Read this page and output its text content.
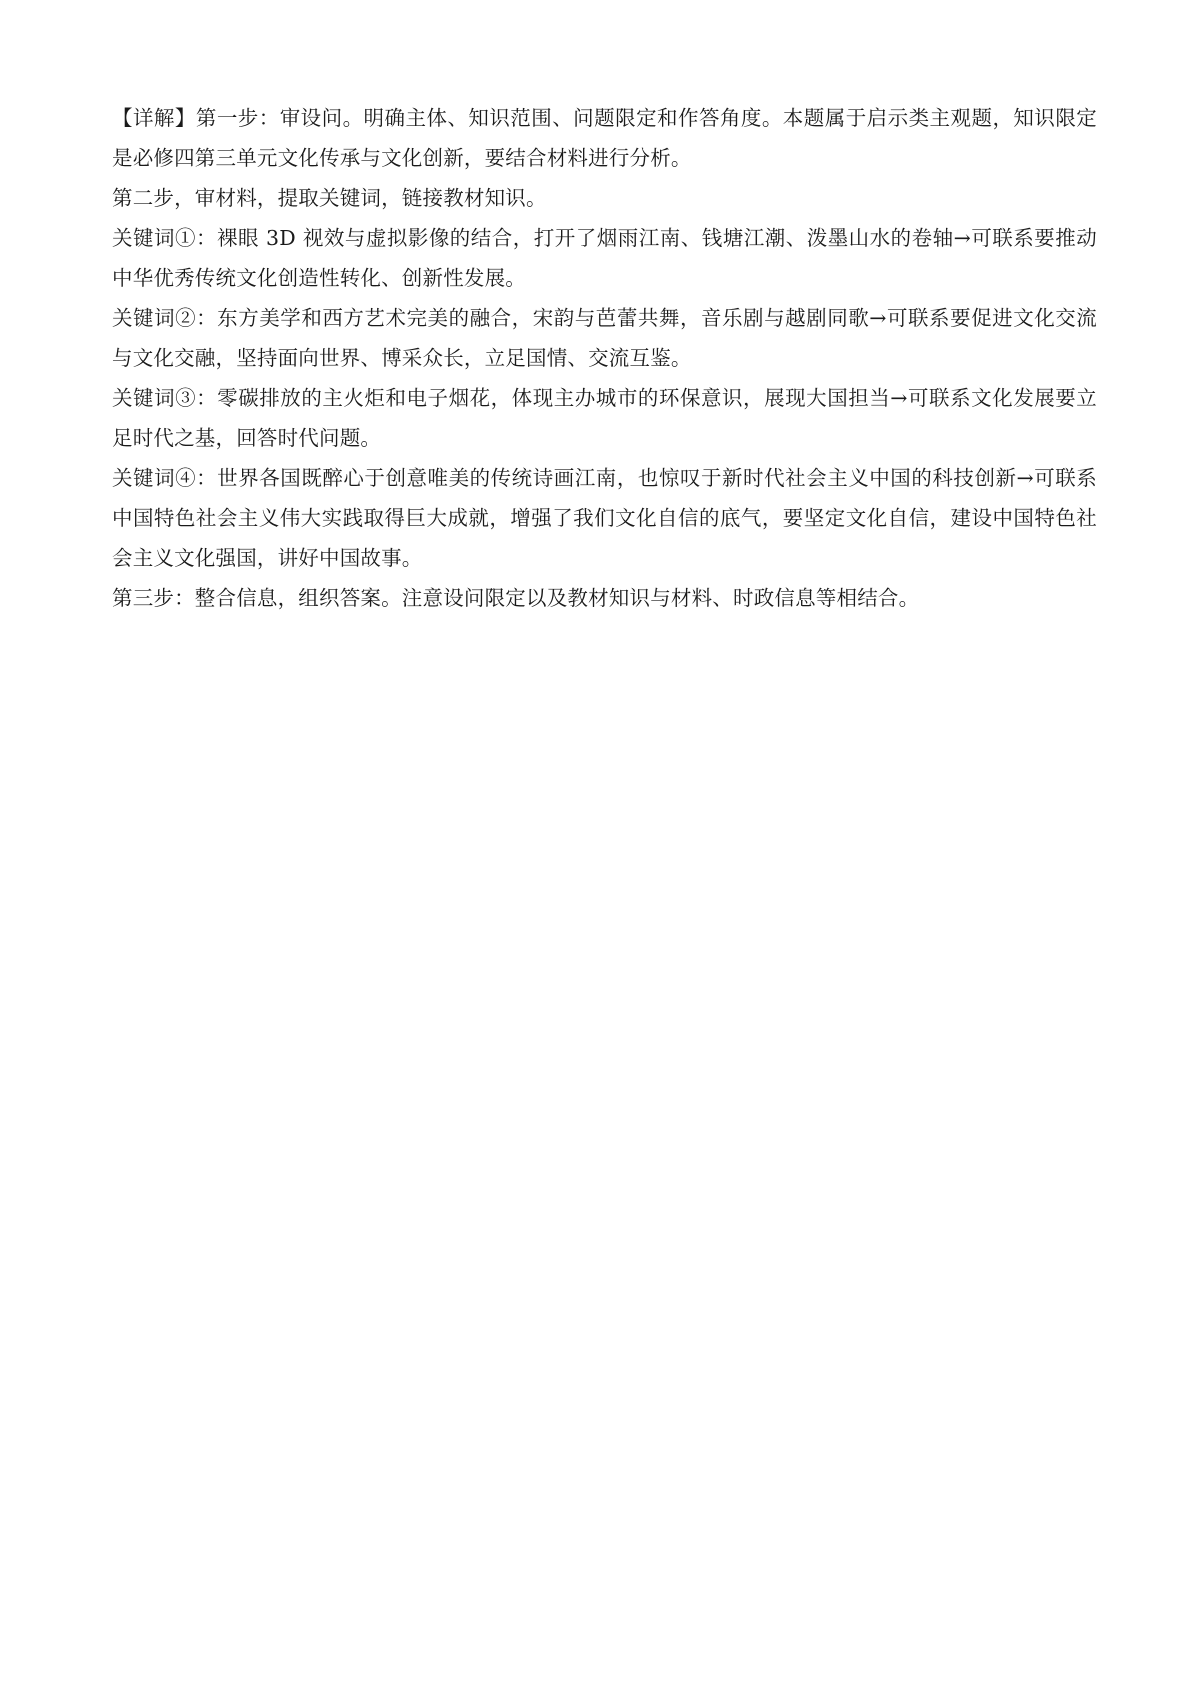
【详解】第一步：审设问。明确主体、知识范围、问题限定和作答角度。本题属于启示类主观题，知识限定是必修四第三单元文化传承与文化创新，要结合材料进行分析。

第二步，审材料，提取关键词，链接教材知识。

关键词①：裸眼 3D 视效与虚拟影像的结合，打开了烟雨江南、钱塘江潮、泼墨山水的卷轴→可联系要推动中华优秀传统文化创造性转化、创新性发展。

关键词②：东方美学和西方艺术完美的融合，宋韵与芭蕾共舞，音乐剧与越剧同歌→可联系要促进文化交流与文化交融，坚持面向世界、博采众长，立足国情、交流互鉴。

关键词③：零碳排放的主火炬和电子烟花，体现主办城市的环保意识，展现大国担当→可联系文化发展要立足时代之基，回答时代问题。

关键词④：世界各国既醉心于创意唯美的传统诗画江南，也惊叹于新时代社会主义中国的科技创新→可联系中国特色社会主义伟大实践取得巨大成就，增强了我们文化自信的底气，要坚定文化自信，建设中国特色社会主义文化强国，讲好中国故事。

第三步：整合信息，组织答案。注意设问限定以及教材知识与材料、时政信息等相结合。
